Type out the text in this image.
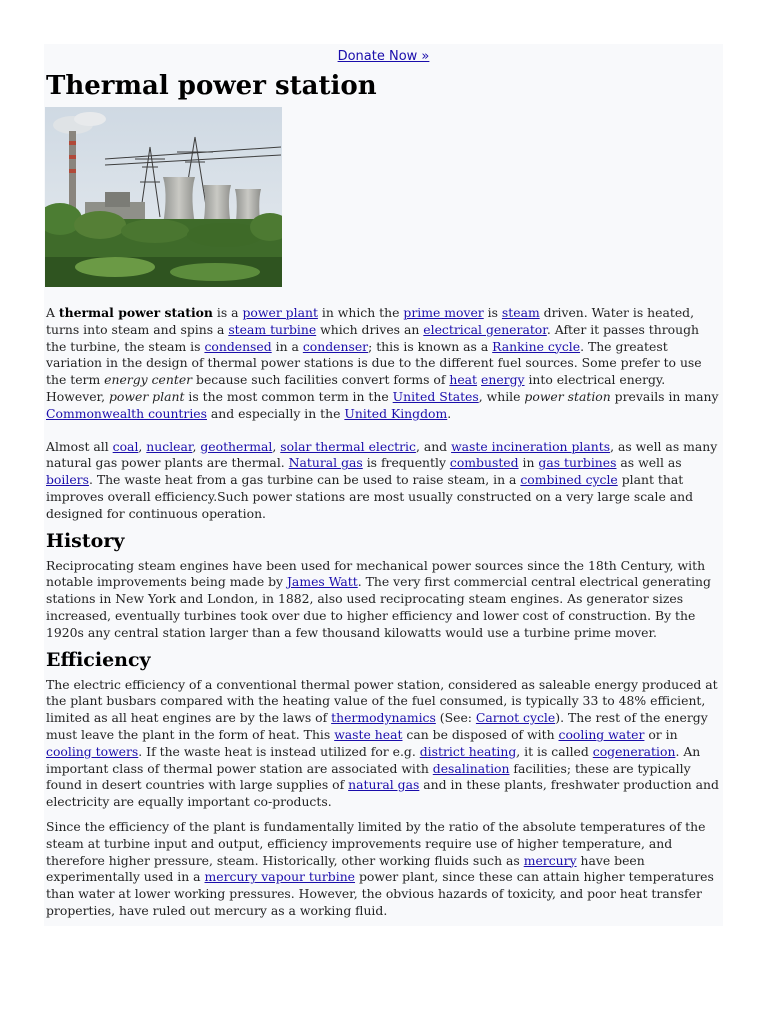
Donate Now »
Thermal power station

A thermal power station is a power plant in which the prime mover is steam driven. Water is heated, turns into steam and spins a steam turbine which drives an electrical generator. After it passes through the turbine, the steam is condensed in a condenser; this is known as a Rankine cycle. The greatest variation in the design of thermal power stations is due to the different fuel sources. Some prefer to use the term energy center because such facilities convert forms of heat energy into electrical energy. However, power plant is the most common term in the United States, while power station prevails in many Commonwealth countries and especially in the United Kingdom.

Almost all coal, nuclear, geothermal, solar thermal electric, and waste incineration plants, as well as many natural gas power plants are thermal. Natural gas is frequently combusted in gas turbines as well as boilers. The waste heat from a gas turbine can be used to raise steam, in a combined cycle plant that improves overall efficiency.Such power stations are most usually constructed on a very large scale and designed for continuous operation.

History

Reciprocating steam engines have been used for mechanical power sources since the 18th Century, with notable improvements being made by James Watt. The very first commercial central electrical generating stations in New York and London, in 1882, also used reciprocating steam engines. As generator sizes increased, eventually turbines took over due to higher efficiency and lower cost of construction. By the 1920s any central station larger than a few thousand kilowatts would use a turbine prime mover.

Efficiency

The electric efficiency of a conventional thermal power station, considered as saleable energy produced at the plant busbars compared with the heating value of the fuel consumed, is typically 33 to 48% efficient, limited as all heat engines are by the laws of thermodynamics (See: Carnot cycle). The rest of the energy must leave the plant in the form of heat. This waste heat can be disposed of with cooling water or in cooling towers. If the waste heat is instead utilized for e.g. district heating, it is called cogeneration. An important class of thermal power station are associated with desalination facilities; these are typically found in desert countries with large supplies of natural gas and in these plants, freshwater production and electricity are equally important co-products.

Since the efficiency of the plant is fundamentally limited by the ratio of the absolute temperatures of the steam at turbine input and output, efficiency improvements require use of higher temperature, and therefore higher pressure, steam. Historically, other working fluids such as mercury have been experimentally used in a mercury vapour turbine power plant, since these can attain higher temperatures than water at lower working pressures. However, the obvious hazards of toxicity, and poor heat transfer properties, have ruled out mercury as a working fluid.
